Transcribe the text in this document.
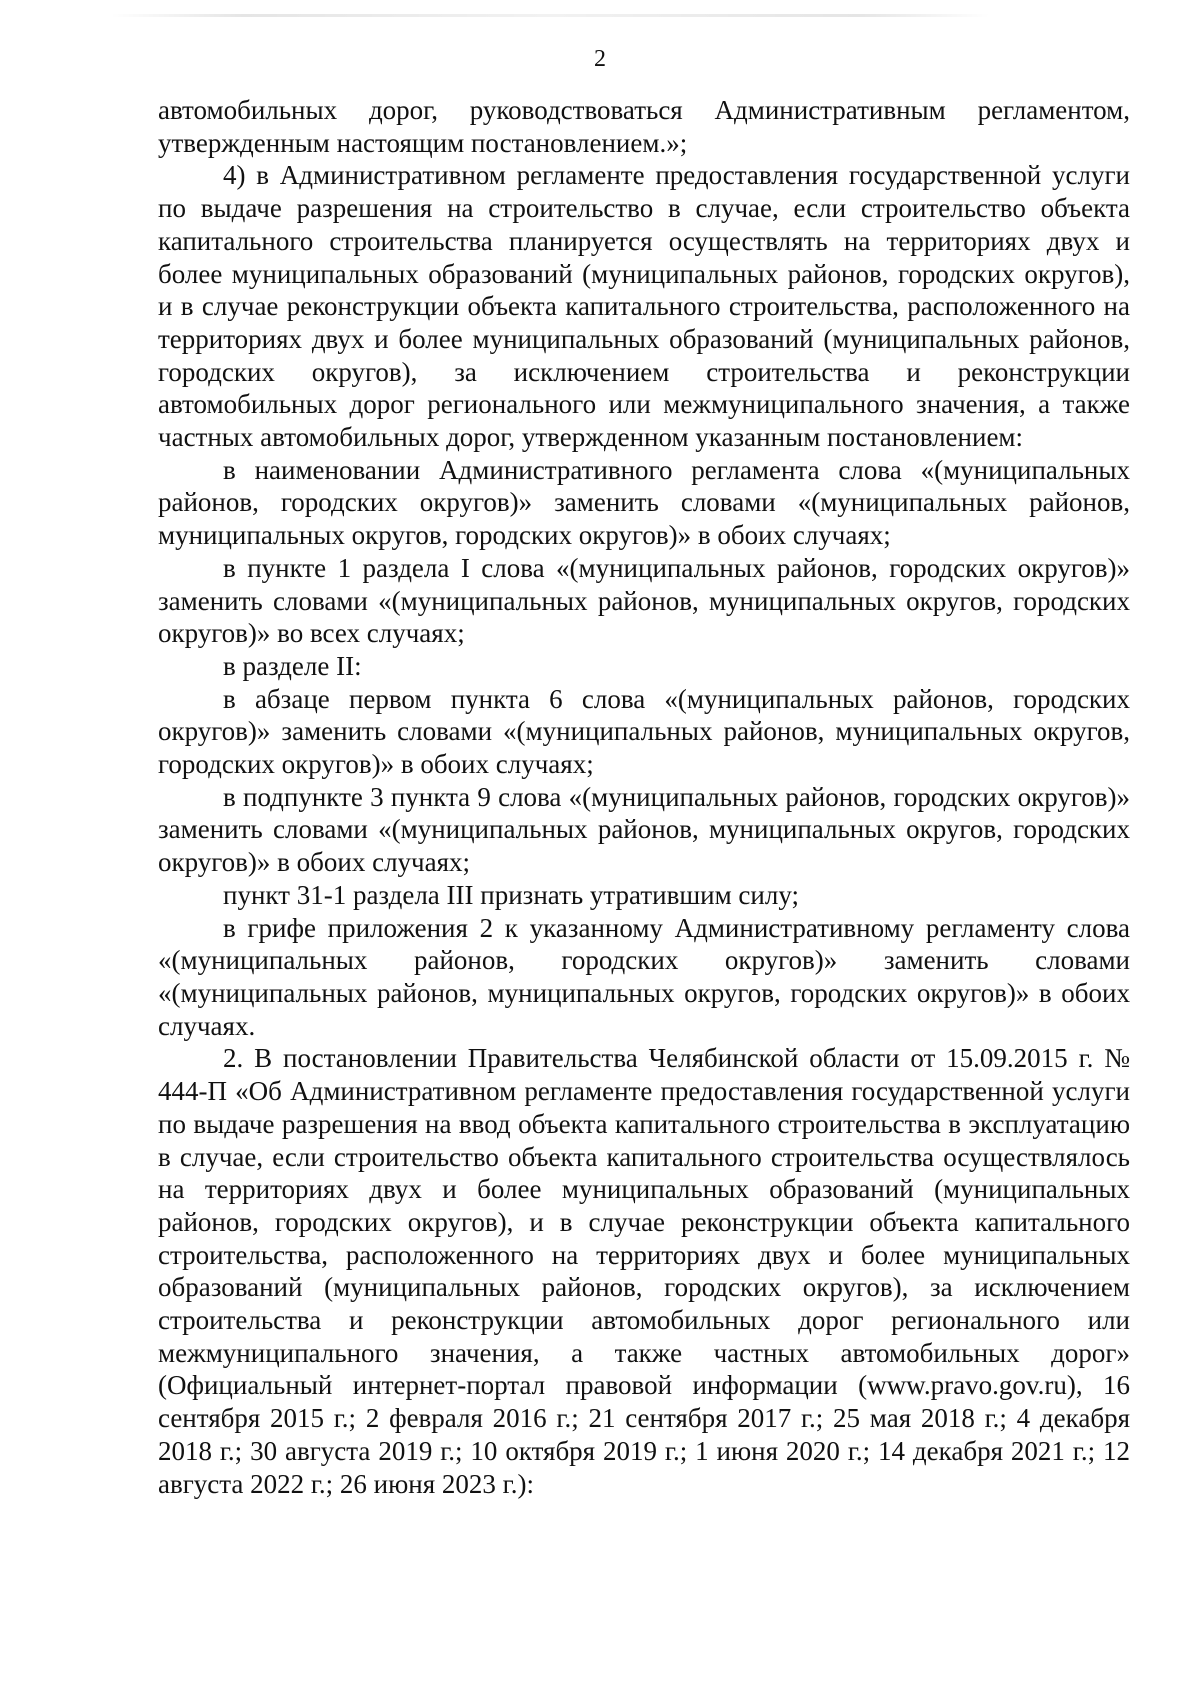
2

автомобильных дорог, руководствоваться Административным регламентом, утвержденным настоящим постановлением.»;

4) в Административном регламенте предоставления государственной услуги по выдаче разрешения на строительство в случае, если строительство объекта капитального строительства планируется осуществлять на территориях двух и более муниципальных образований (муниципальных районов, городских округов), и в случае реконструкции объекта капитального строительства, расположенного на территориях двух и более муниципальных образований (муниципальных районов, городских округов), за исключением строительства и реконструкции автомобильных дорог регионального или межмуниципального значения, а также частных автомобильных дорог, утвержденном указанным постановлением:

в наименовании Административного регламента слова «(муниципальных районов, городских округов)» заменить словами «(муниципальных районов, муниципальных округов, городских округов)» в обоих случаях;

в пункте 1 раздела I слова «(муниципальных районов, городских округов)» заменить словами «(муниципальных районов, муниципальных округов, городских округов)» во всех случаях;

в разделе II:

в абзаце первом пункта 6 слова «(муниципальных районов, городских округов)» заменить словами «(муниципальных районов, муниципальных округов, городских округов)» в обоих случаях;

в подпункте 3 пункта 9 слова «(муниципальных районов, городских округов)» заменить словами «(муниципальных районов, муниципальных округов, городских округов)» в обоих случаях;

пункт 31-1 раздела III признать утратившим силу;

в грифе приложения 2 к указанному Административному регламенту слова «(муниципальных районов, городских округов)» заменить словами «(муниципальных районов, муниципальных округов, городских округов)» в обоих случаях.

2. В постановлении Правительства Челябинской области от 15.09.2015 г. № 444-П «Об Административном регламенте предоставления государственной услуги по выдаче разрешения на ввод объекта капитального строительства в эксплуатацию в случае, если строительство объекта капитального строительства осуществлялось на территориях двух и более муниципальных образований (муниципальных районов, городских округов), и в случае реконструкции объекта капитального строительства, расположенного на территориях двух и более муниципальных образований (муниципальных районов, городских округов), за исключением строительства и реконструкции автомобильных дорог регионального или межмуниципального значения, а также частных автомобильных дорог» (Официальный интернет-портал правовой информации (www.pravo.gov.ru), 16 сентября 2015 г.; 2 февраля 2016 г.; 21 сентября 2017 г.; 25 мая 2018 г.; 4 декабря 2018 г.; 30 августа 2019 г.; 10 октября 2019 г.; 1 июня 2020 г.; 14 декабря 2021 г.; 12 августа 2022 г.; 26 июня 2023 г.):
